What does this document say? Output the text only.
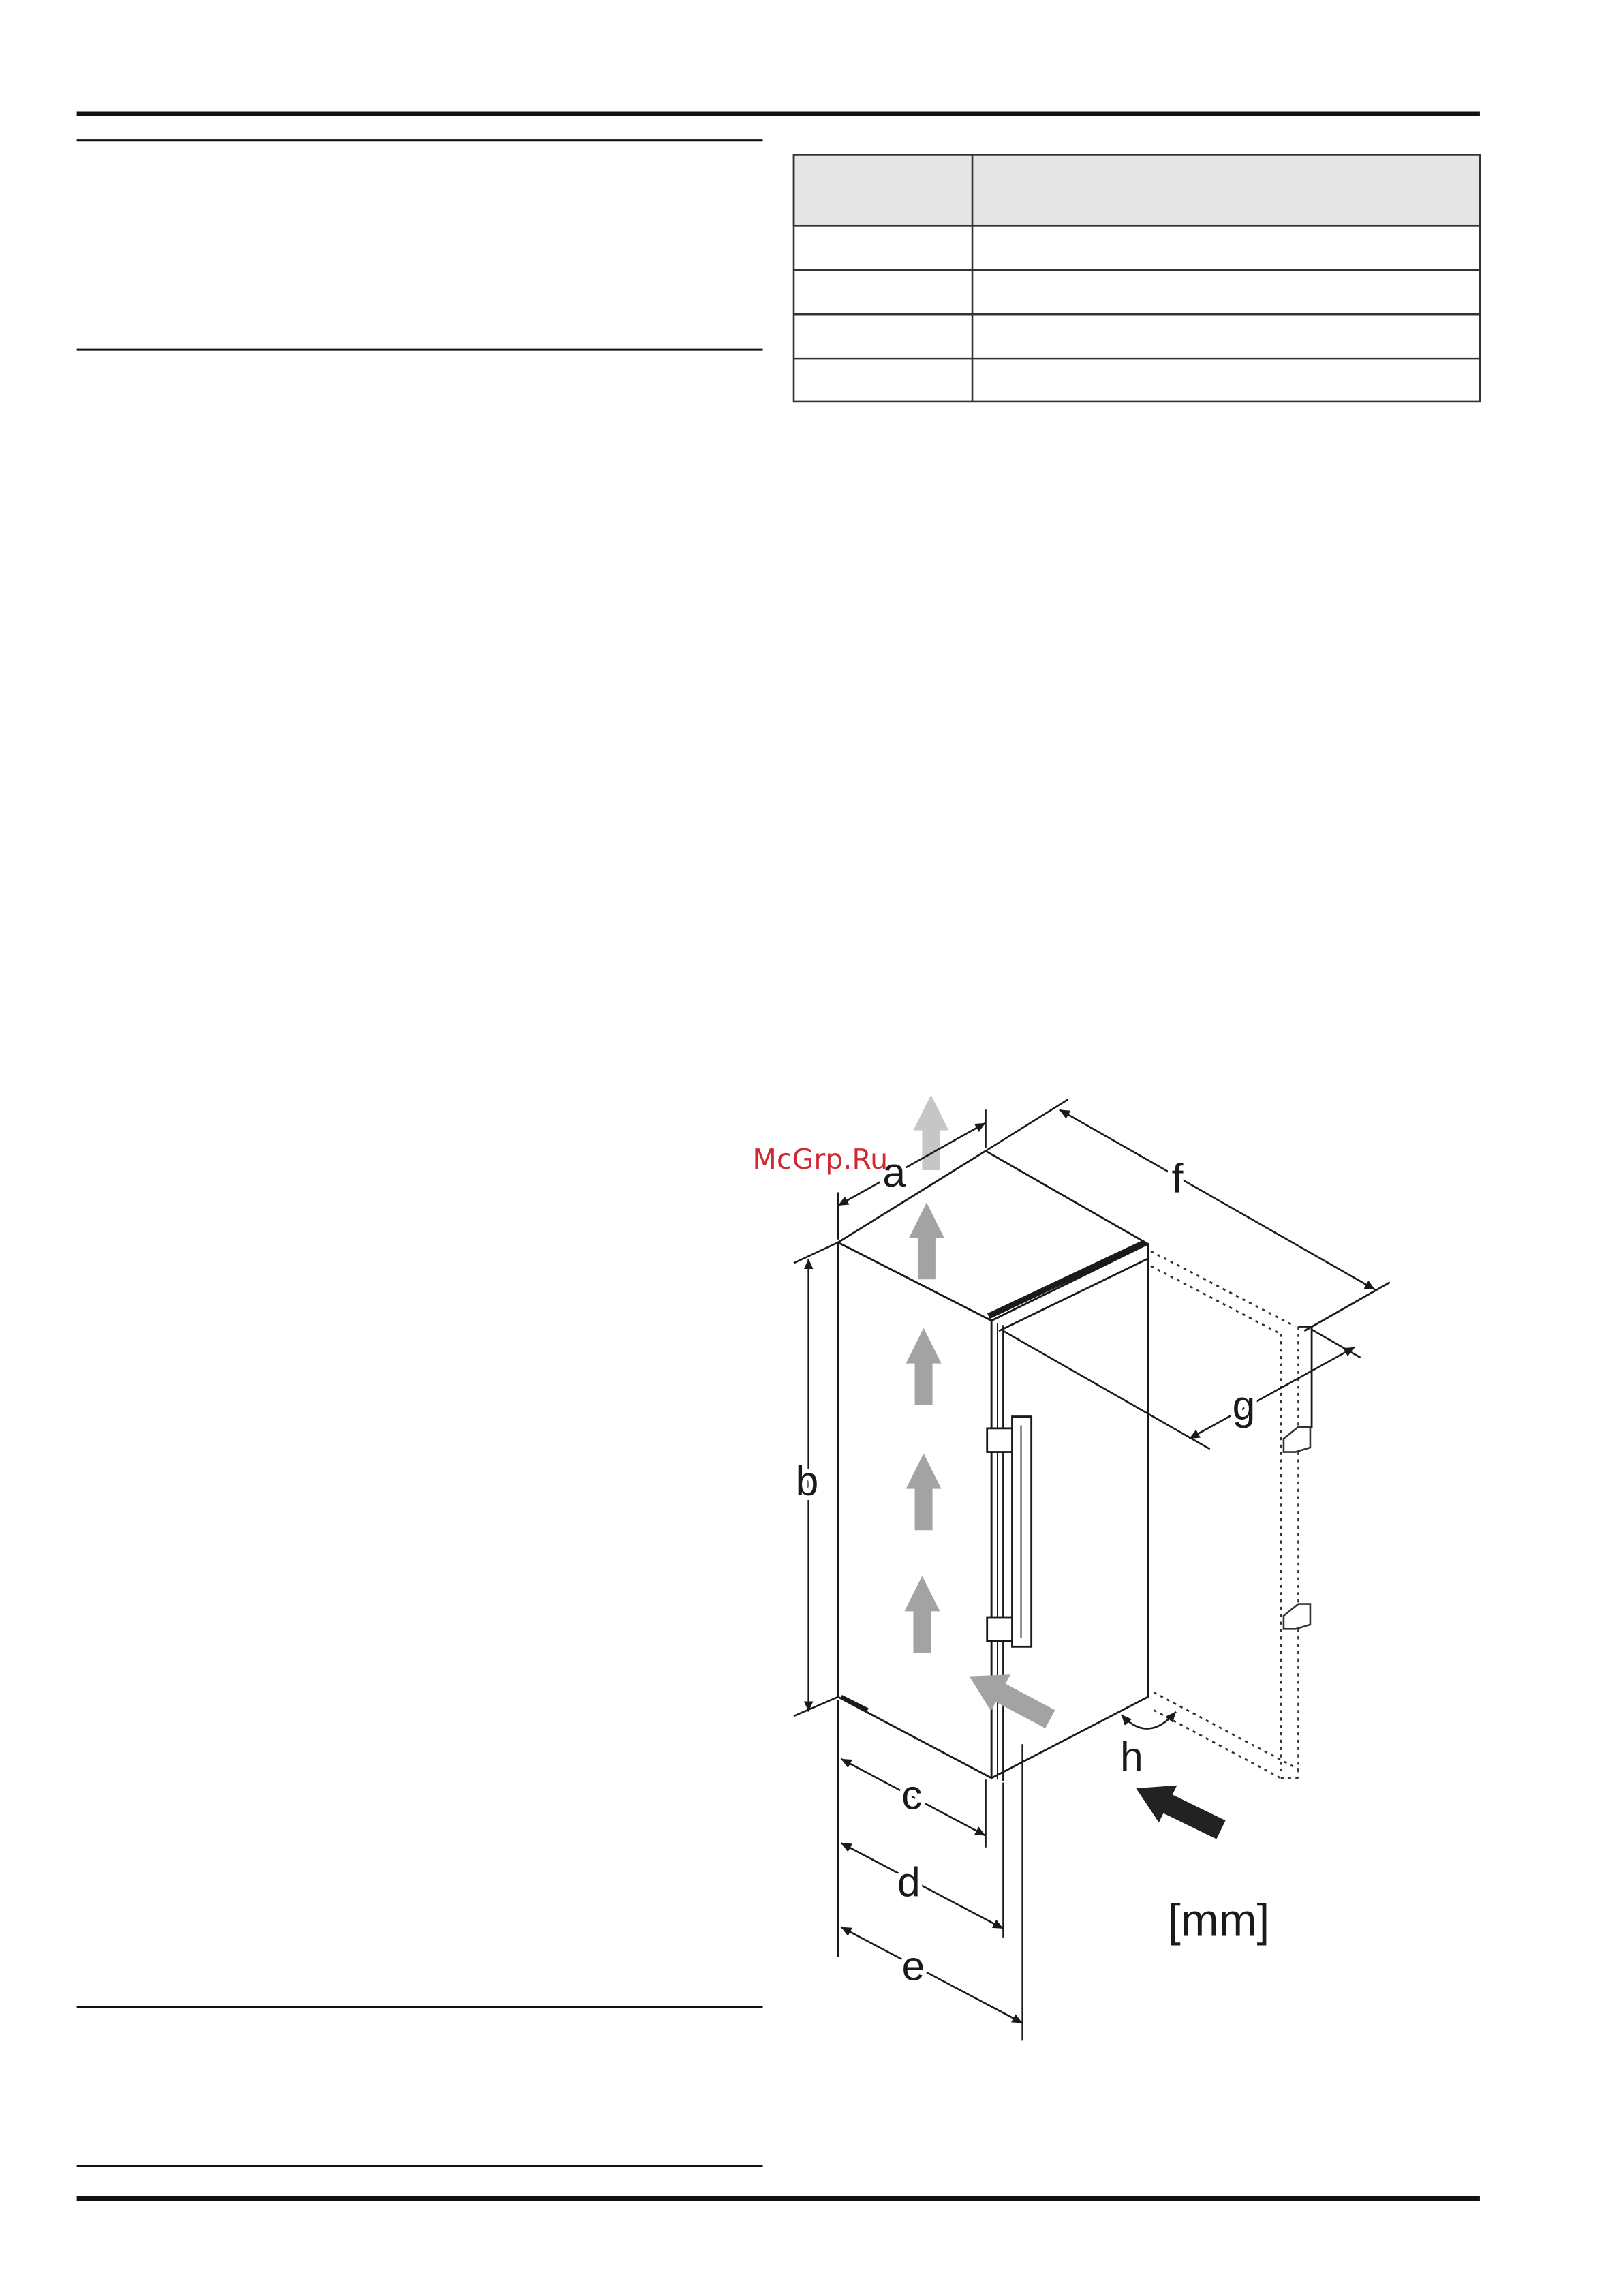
a	f
g
b
h
c
d
e
[mm]
McGrp.Ru
